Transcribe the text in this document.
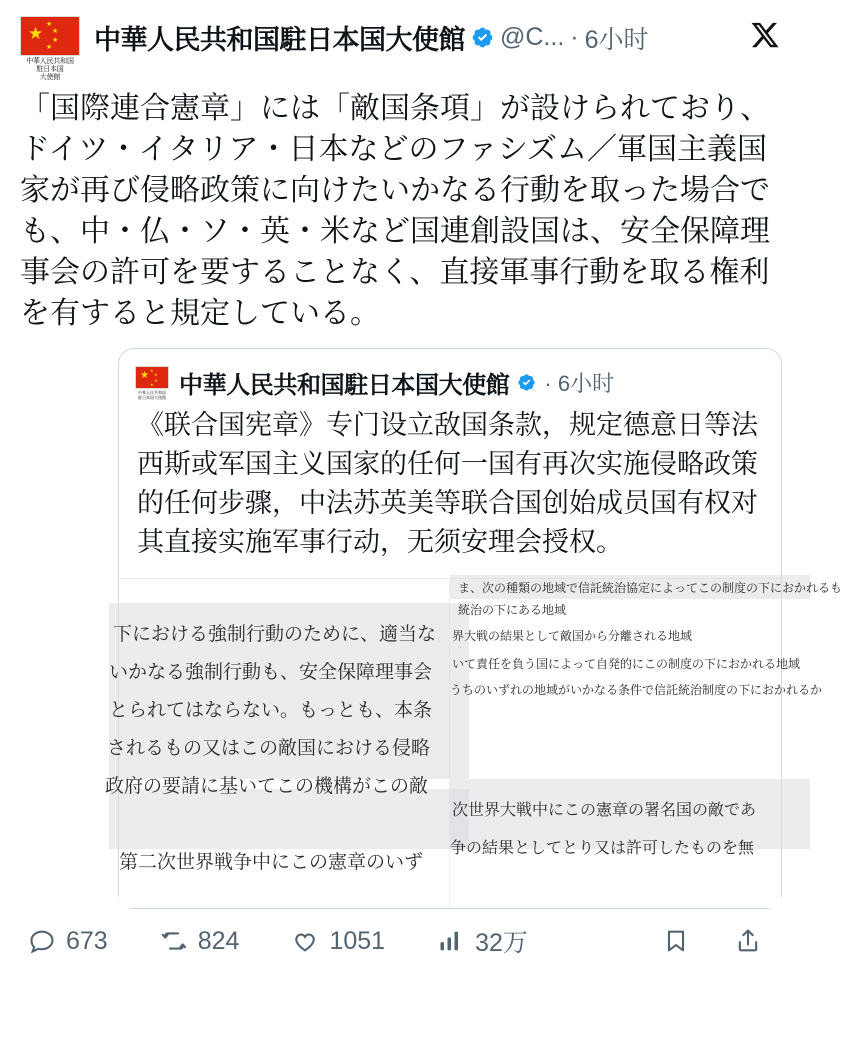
★ ★
★
★
★
中華人民共和国
駐日本国
大使館
中華人民共和国駐日本国大使館 @C... · 6小时
「国際連合憲章」には「敵国条項」が設けられており、ドイツ・イタリア・日本などのファシズム／軍国主義国家が再び侵略政策に向けたいかなる行動を取った場合でも、中・仏・ソ・英・米など国連創設国は、安全保障理事会の許可を要することなく、直接軍事行動を取る権利を有すると規定している。
★ ★
★
★
★
中華人民共和国
駐日本国大使館 中華人民共和国駐日本国大使館 · 6小时
《联合国宪章》专门设立敌国条款，规定德意日等法西斯或军国主义国家的任何一国有再次实施侵略政策的任何步骤，中法苏英美等联合国创始成员国有权对其直接实施军事行动，无须安理会授权。
下における強制行動のために、適当な
いかなる強制行動も、安全保障理事会
とられてはならない。もっとも、本条
されるもの又はこの敵国における侵略
政府の要請に基いてこの機構がこの敵
第二次世界戦争中にこの憲章のいず
ま、次の種類の地域で信託統治協定によってこの制度の下におかれるも
統治の下にある地域
界大戦の結果として敵国から分離される地域
いて責任を負う国によって自発的にこの制度の下におかれる地域
うちのいずれの地域がいかなる条件で信託統治制度の下におかれるか
次世界大戦中にこの憲章の署名国の敵であ
争の結果としてとり又は許可したものを無
673	824	1051	32万
